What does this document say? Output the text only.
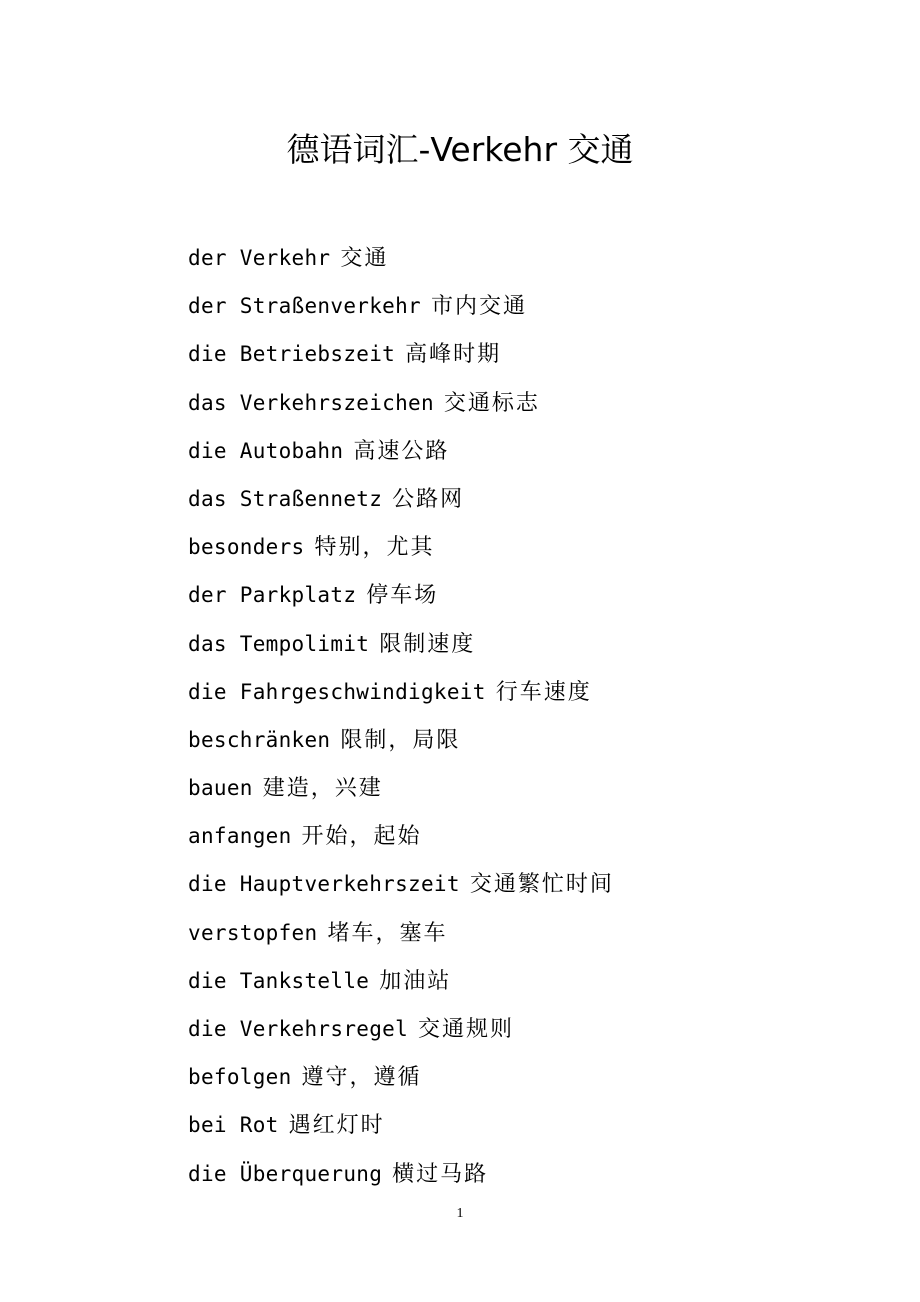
德语词汇-Verkehr 交通
der Verkehr 交通
der Straßenverkehr 市内交通
die Betriebszeit 高峰时期
das Verkehrszeichen 交通标志
die Autobahn 高速公路
das Straßennetz 公路网
besonders 特别，尤其
der Parkplatz 停车场
das Tempolimit 限制速度
die Fahrgeschwindigkeit 行车速度
beschränken 限制，局限
bauen 建造，兴建
anfangen 开始，起始
die Hauptverkehrszeit 交通繁忙时间
verstopfen 堵车，塞车
die Tankstelle 加油站
die Verkehrsregel 交通规则
befolgen 遵守，遵循
bei Rot 遇红灯时
die Überquerung 横过马路
1
